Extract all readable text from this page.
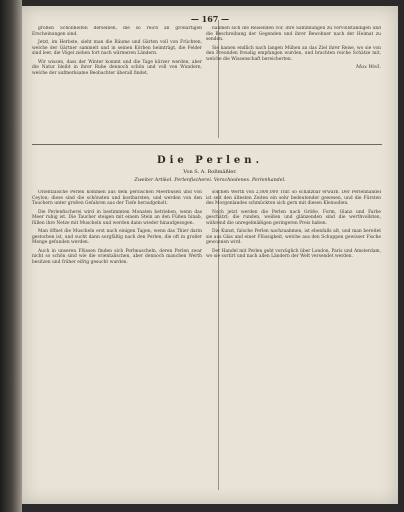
— 167 —

großen Schönheiten derselben, die so reich an großartigen Erscheinungen sind.

Jetzt, im Herbste, sieht man die Bäume und Gärten voll von Früchten, welche der Gärtner sammelt und in seinen Körben heimträgt, die Felder sind leer, die Vögel ziehen fort nach wärmeren Ländern.

Wir wissen, dass der Winter kommt und die Tage kürzer werden, aber die Natur bleibt in ihrer Ruhe dennoch schön und voll von Wundern, welche der aufmerksame Beobachter überall findet.

nahmen sich die Reisenden vor, ihre Sammlungen zu vervollständigen und die Beschreibung der Gegenden und ihrer Bewohner nach der Heimat zu senden.

Sie kamen endlich nach langen Mühen an das Ziel ihrer Reise, wo sie von den Freunden freudig empfangen wurden, und brachten reiche Schätze mit, welche die Wissenschaft bereicherten.

Max Weil.
Die Perlen.
Von S. A. Roßmäßler.
Zweiter Artikel. Perlenfischerei. Verschiedenes. Perlenhandel.

Orientalische Perlen kommen aus dem persischen Meerbusen und von Ceylon; diese sind die schönsten und kostbarsten, und werden von den Tauchern unter großen Gefahren aus der Tiefe heraufgeholt.

Die Perlenfischerei wird in bestimmten Monaten betrieben, wenn das Meer ruhig ist. Die Taucher steigen mit einem Stein an den Füßen hinab, füllen ihre Netze mit Muscheln und werden dann wieder hinaufgezogen.

Man öffnet die Muscheln erst nach einigen Tagen, wenn das Thier darin gestorben ist, und sucht dann sorgfältig nach den Perlen, die oft in großer Menge gefunden werden.

Auch in unseren Flüssen finden sich Perlmuscheln, deren Perlen zwar nicht so schön sind wie die orientalischen, aber dennoch manchen Werth besitzen und früher eifrig gesucht wurden.

solchen Werth von 2,800,000 Thlr. so schätzbar erwarb. Der Perlenhandel ist seit den ältesten Zeiten ein sehr bedeutender gewesen, und die Fürsten des Morgenlandes schmückten sich gern mit diesen Kleinodien.

Noch jetzt werden die Perlen nach Größe, Form, Glanz und Farbe geschätzt; die runden, weißen und glänzenden sind die werthvollsten, während die unregelmäßigen geringeren Preis haben.

Die Kunst, falsche Perlen nachzuahmen, ist ebenfalls alt, und man bereitet sie aus Glas und einer Flüssigkeit, welche aus den Schuppen gewisser Fische gewonnen wird.

Der Handel mit Perlen geht vorzüglich über London, Paris und Amsterdam, wo sie sortirt und nach allen Ländern der Welt versendet werden.
